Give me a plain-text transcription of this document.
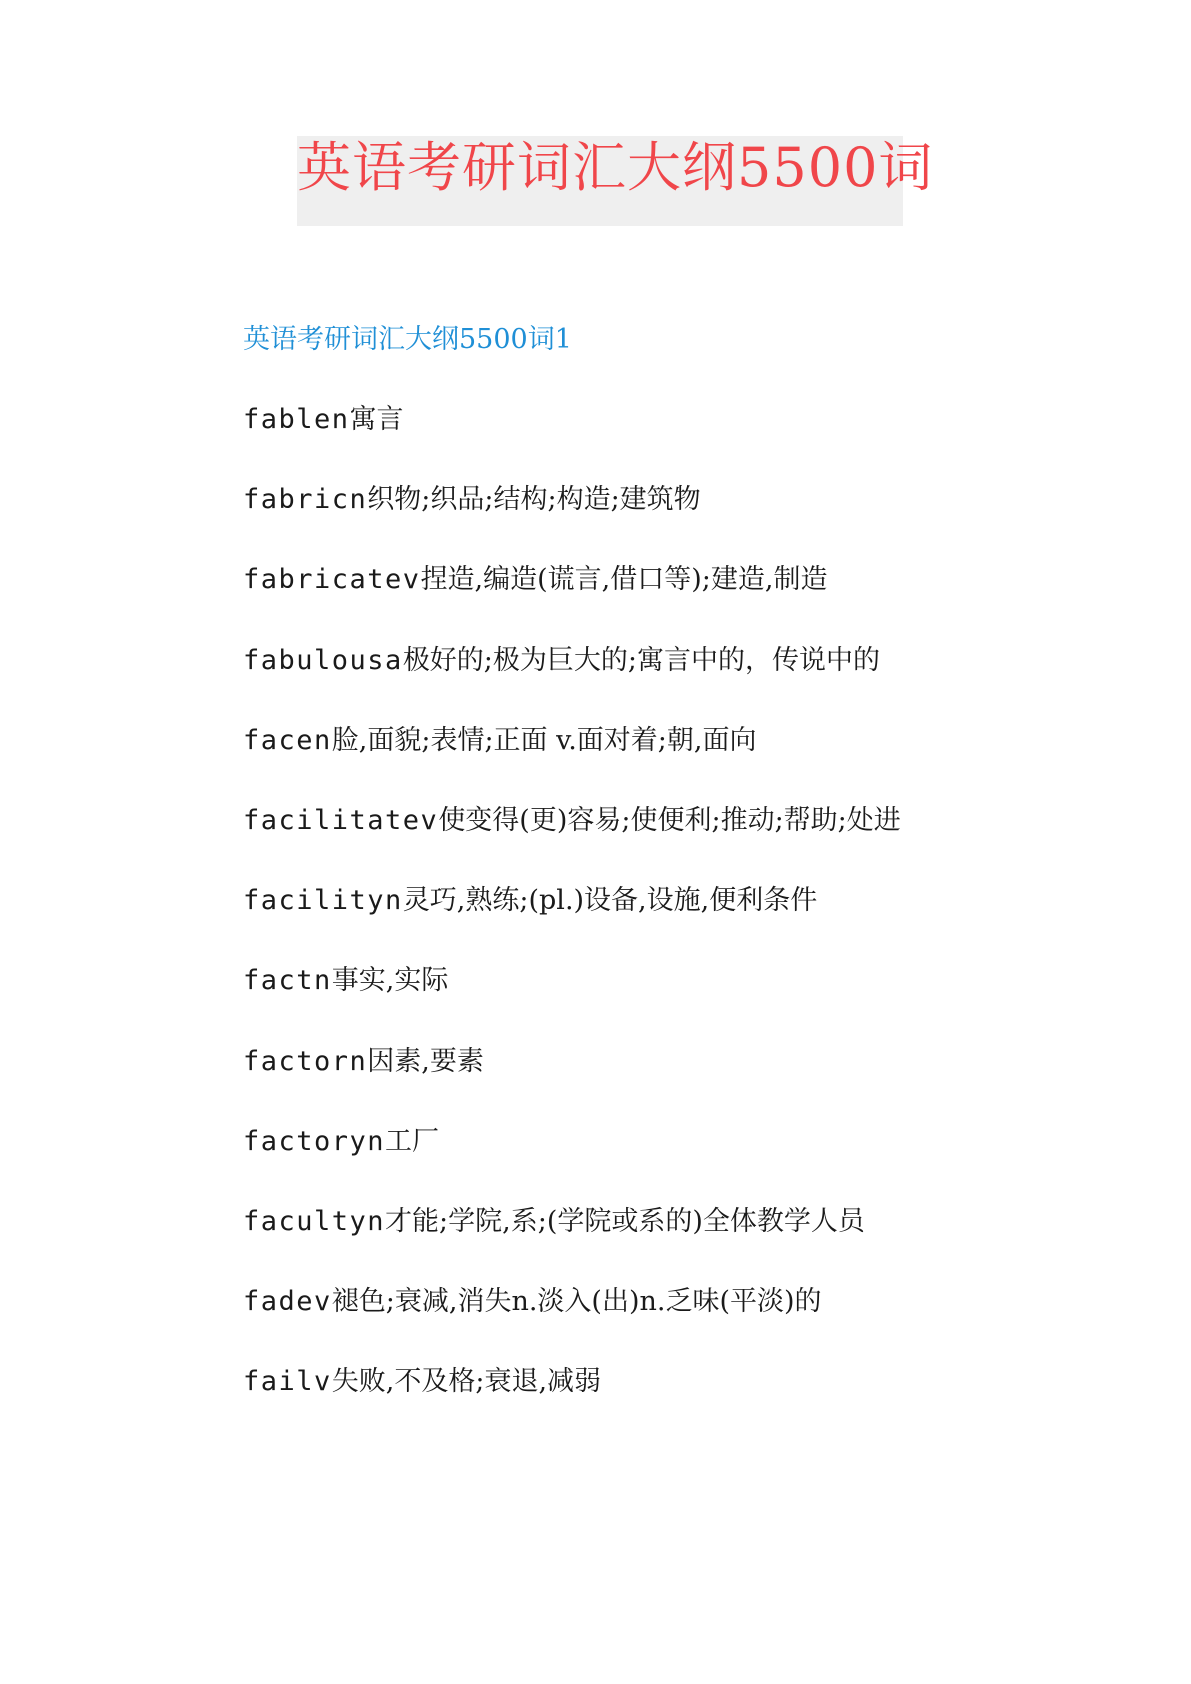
英语考研词汇大纲5500词
英语考研词汇大纲5500词1
fablen寓言
fabricn织物;织品;结构;构造;建筑物
fabricatev捏造,编造(谎言,借口等);建造,制造
fabulousa极好的;极为巨大的;寓言中的，传说中的
facen脸,面貌;表情;正面 v.面对着;朝,面向
facilitatev使变得(更)容易;使便利;推动;帮助;处进
facilityn灵巧,熟练;(pl.)设备,设施,便利条件
factn事实,实际
factorn因素,要素
factoryn工厂
facultyn才能;学院,系;(学院或系的)全体教学人员
fadev褪色;衰减,消失n.淡入(出)n.乏味(平淡)的
failv失败,不及格;衰退,减弱
